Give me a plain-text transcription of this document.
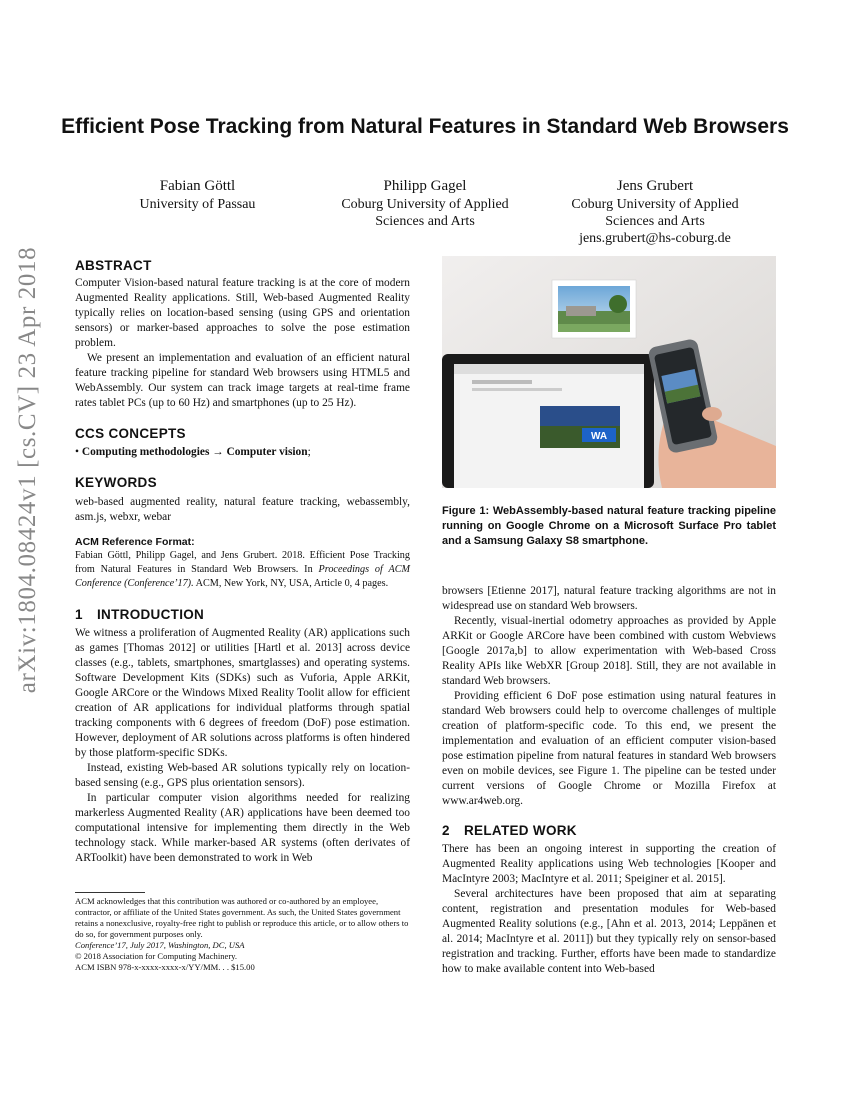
arXiv:1804.08424v1 [cs.CV] 23 Apr 2018
Efficient Pose Tracking from Natural Features in Standard Web Browsers
Fabian Göttl
University of Passau
Philipp Gagel
Coburg University of Applied Sciences and Arts
Jens Grubert
Coburg University of Applied Sciences and Arts
jens.grubert@hs-coburg.de
ABSTRACT

Computer Vision-based natural feature tracking is at the core of modern Augmented Reality applications. Still, Web-based Augmented Reality typically relies on location-based sensing (using GPS and orientation sensors) or marker-based approaches to solve the pose estimation problem.

We present an implementation and evaluation of an efficient natural feature tracking pipeline for standard Web browsers using HTML5 and WebAssembly. Our system can track image targets at real-time frame rates tablet PCs (up to 60 Hz) and smartphones (up to 25 Hz).

CCS CONCEPTS

• Computing methodologies → Computer vision;

KEYWORDS

web-based augmented reality, natural feature tracking, webassembly, asm.js, webxr, webar

ACM Reference Format:
Fabian Göttl, Philipp Gagel, and Jens Grubert. 2018. Efficient Pose Tracking from Natural Features in Standard Web Browsers. In Proceedings of ACM Conference (Conference’17). ACM, New York, NY, USA, Article 0, 4 pages.
1 INTRODUCTION

We witness a proliferation of Augmented Reality (AR) applications such as games [Thomas 2012] or utilities [Hartl et al. 2013] across device classes (e.g., tablets, smartphones, smartglasses) and operating systems. Software Development Kits (SDKs) such as Vuforia, Apple ARKit, Google ARCore or the Windows Mixed Reality Toolit allow for efficient creation of AR applications for individual platforms through spatial tracking components with 6 degrees of freedom (DoF) pose estimation. However, deployment of AR solutions across platforms is often hindered by those platform-specific SDKs.

Instead, existing Web-based AR solutions typically rely on location-based sensing (e.g., GPS plus orientation sensors).

In particular computer vision algorithms needed for realizing markerless Augmented Reality (AR) applications have been deemed too computational intensive for implementing them directly in the Web technology stack. While marker-based AR systems (often derivates of ARToolkit) have been demonstrated to work in Web

ACM acknowledges that this contribution was authored or co-authored by an employee, contractor, or affiliate of the United States government. As such, the United States government retains a nonexclusive, royalty-free right to publish or reproduce this article, or to allow others to do so, for government purposes only.
Conference’17, July 2017, Washington, DC, USA
© 2018 Association for Computing Machinery.
ACM ISBN 978-x-xxxx-xxxx-x/YY/MM. . . $15.00
WA
Figure 1: WebAssembly-based natural feature tracking pipeline running on Google Chrome on a Microsoft Surface Pro tablet and a Samsung Galaxy S8 smartphone.

browsers [Etienne 2017], natural feature tracking algorithms are not in widespread use on standard Web browsers.

Recently, visual-inertial odometry approaches as provided by Apple ARKit or Google ARCore have been combined with custom Webviews [Google 2017a,b] to allow experimentation with Web-based Cross Reality APIs like WebXR [Group 2018]. Still, they are not available in standard Web browsers.

Providing efficient 6 DoF pose estimation using natural features in standard Web browsers could help to overcome challenges of multiple creation of platform-specific code. To this end, we present the implementation and evaluation of an efficient computer vision-based pose estimation pipeline from natural features in standard Web browsers even on mobile devices, see Figure 1. The pipeline can be tested under current versions of Google Chrome or Mozilla Firefox at www.ar4web.org.

2 RELATED WORK

There has been an ongoing interest in supporting the creation of Augmented Reality applications using Web technologies [Kooper and MacIntyre 2003; MacIntyre et al. 2011; Speiginer et al. 2015].

Several architectures have been proposed that aim at separating content, registration and presentation modules for Web-based Augmented Reality solutions (e.g., [Ahn et al. 2013, 2014; Leppänen et al. 2014; MacIntyre et al. 2011]) but they typically rely on sensor-based registration and tracking. Further, efforts have been made to standardize how to make available content into Web-based
